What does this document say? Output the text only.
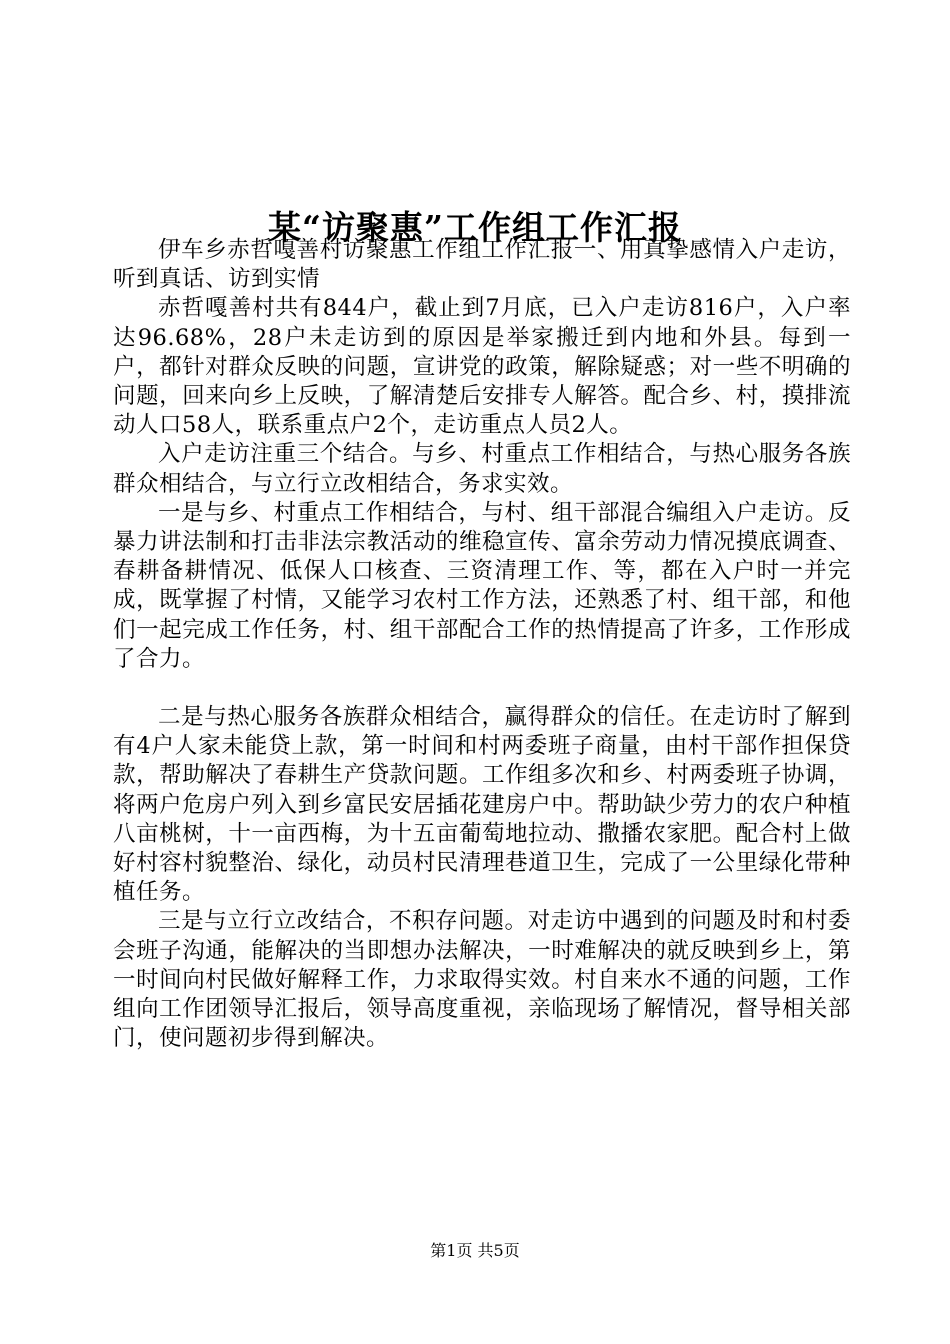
某“访聚惠”工作组工作汇报

伊车乡赤哲嘎善村访聚惠工作组工作汇报一、用真挚感情入户走访，听到真话、访到实情

赤哲嘎善村共有844户，截止到7月底，已入户走访816户，入户率达96.68%，28户未走访到的原因是举家搬迁到内地和外县。每到一户，都针对群众反映的问题，宣讲党的政策，解除疑惑；对一些不明确的问题，回来向乡上反映，了解清楚后安排专人解答。配合乡、村，摸排流动人口58人，联系重点户2个，走访重点人员2人。

入户走访注重三个结合。与乡、村重点工作相结合，与热心服务各族群众相结合，与立行立改相结合，务求实效。

一是与乡、村重点工作相结合，与村、组干部混合编组入户走访。反暴力讲法制和打击非法宗教活动的维稳宣传、富余劳动力情况摸底调查、春耕备耕情况、低保人口核查、三资清理工作、等，都在入户时一并完成，既掌握了村情，又能学习农村工作方法，还熟悉了村、组干部，和他们一起完成工作任务，村、组干部配合工作的热情提高了许多，工作形成了合力。

二是与热心服务各族群众相结合，赢得群众的信任。在走访时了解到有4户人家未能贷上款，第一时间和村两委班子商量，由村干部作担保贷款，帮助解决了春耕生产贷款问题。工作组多次和乡、村两委班子协调，将两户危房户列入到乡富民安居插花建房户中。帮助缺少劳力的农户种植八亩桃树，十一亩西梅，为十五亩葡萄地拉动、撒播农家肥。配合村上做好村容村貌整治、绿化，动员村民清理巷道卫生，完成了一公里绿化带种植任务。

三是与立行立改结合，不积存问题。对走访中遇到的问题及时和村委会班子沟通，能解决的当即想办法解决，一时难解决的就反映到乡上，第一时间向村民做好解释工作，力求取得实效。村自来水不通的问题，工作组向工作团领导汇报后，领导高度重视，亲临现场了解情况，督导相关部门，使问题初步得到解决。

第1页 共5页
